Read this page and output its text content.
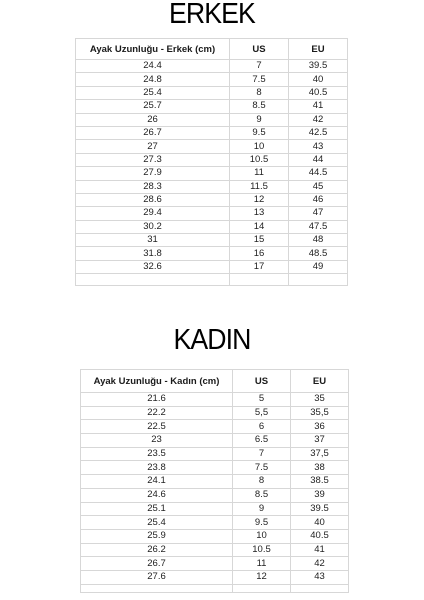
ERKEK
Ayak Uzunluğu - Erkek (cm)	US	EU
24.4	7	39.5
24.8	7.5	40
25.4	8	40.5
25.7	8.5	41
26	9	42
26.7	9.5	42.5
27	10	43
27.3	10.5	44
27.9	11	44.5
28.3	11.5	45
28.6	12	46
29.4	13	47
30.2	14	47.5
31	15	48
31.8	16	48.5
32.6	17	49

KADIN
Ayak Uzunluğu - Kadın (cm)	US	EU
21.6	5	35
22.2	5,5	35,5
22.5	6	36
23	6.5	37
23.5	7	37,5
23.8	7.5	38
24.1	8	38.5
24.6	8.5	39
25.1	9	39.5
25.4	9.5	40
25.9	10	40.5
26.2	10.5	41
26.7	11	42
27.6	12	43
